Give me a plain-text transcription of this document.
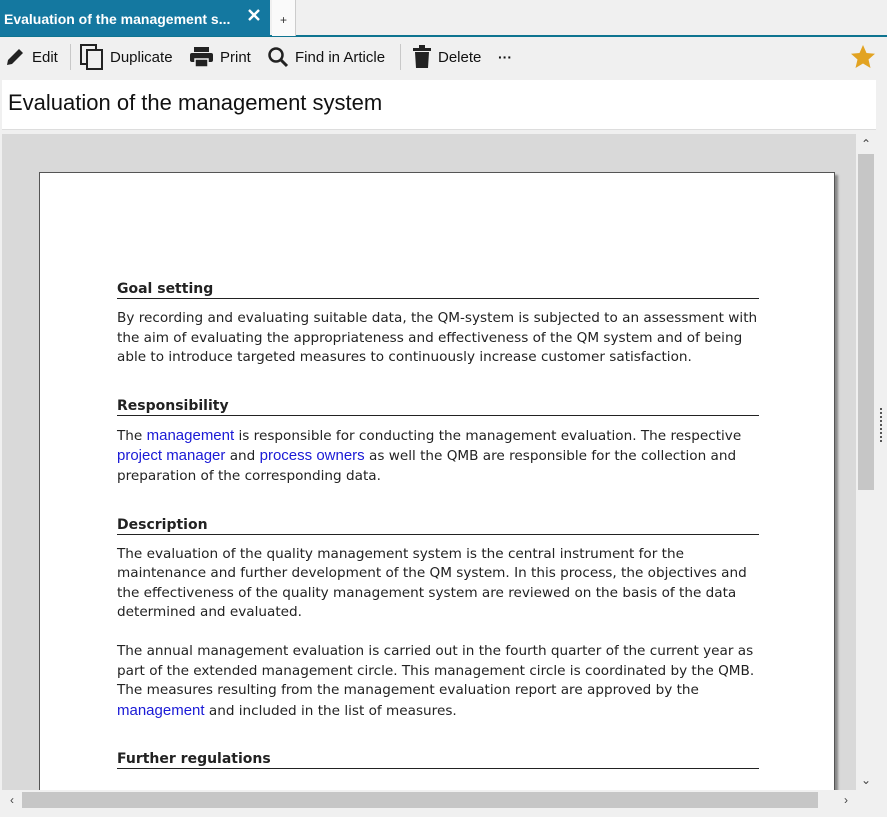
Evaluation of the management s...	+
Edit	Duplicate	Print	Find in Article	Delete ···
Evaluation of the management system
Goal setting

By recording and evaluating suitable data, the QM-system is subjected to an assessment with the aim of evaluating the appropriateness and effectiveness of the QM system and of being able to introduce targeted measures to continuously increase customer satisfaction.

Responsibility

The management is responsible for conducting the management evaluation. The respective project manager and process owners as well the QMB are responsible for the collection and preparation of the corresponding data.

Description

The evaluation of the quality management system is the central instrument for the maintenance and further development of the QM system. In this process, the objectives and the effectiveness of the quality management system are reviewed on the basis of the data determined and evaluated.

The annual management evaluation is carried out in the fourth quarter of the current year as part of the extended management circle. This management circle is coordinated by the QMB. The measures resulting from the management evaluation report are approved by the management and included in the list of measures.

Further regulations
⌃
⌄
‹	›
